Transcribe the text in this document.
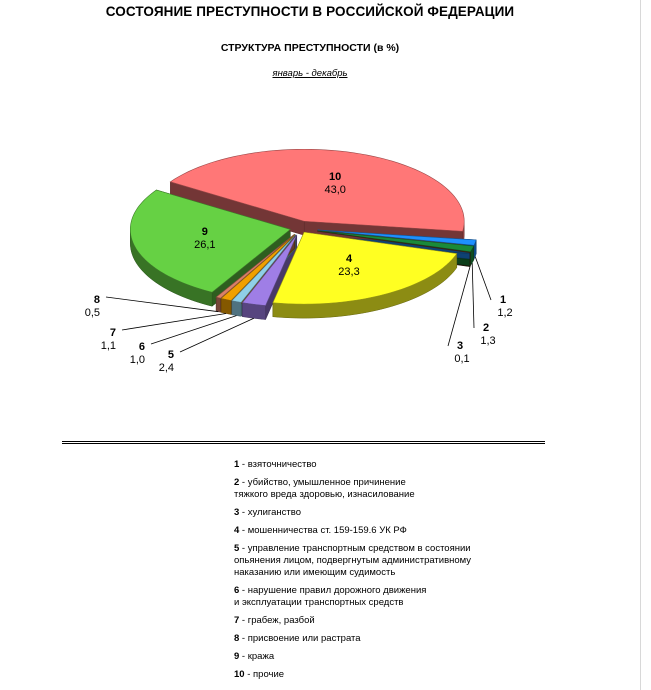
СОСТОЯНИЕ ПРЕСТУПНОСТИ В РОССИЙСКОЙ ФЕДЕРАЦИИ
СТРУКТУРА ПРЕСТУПНОСТИ (в %)
январь - декабрь
1
1,2
2
1,3
3
0,1
4
23,3
5
2,4
6
1,0
7
1,1
8
0,5
9
26,1
10
43,0
1 - взяточничество
2 - убийство, умышленное причинение
тяжкого вреда здоровью, изнасилование
3 - хулиганство
4 - мошенничества ст. 159-159.6 УК РФ
5 - управление транспортным средством в состоянии
опьянения лицом, подвергнутым административному
наказанию или имеющим судимость
6 - нарушение правил дорожного движения
и эксплуатации транспортных средств
7 - грабеж, разбой
8 - присвоение или растрата
9 - кража
10 - прочие
